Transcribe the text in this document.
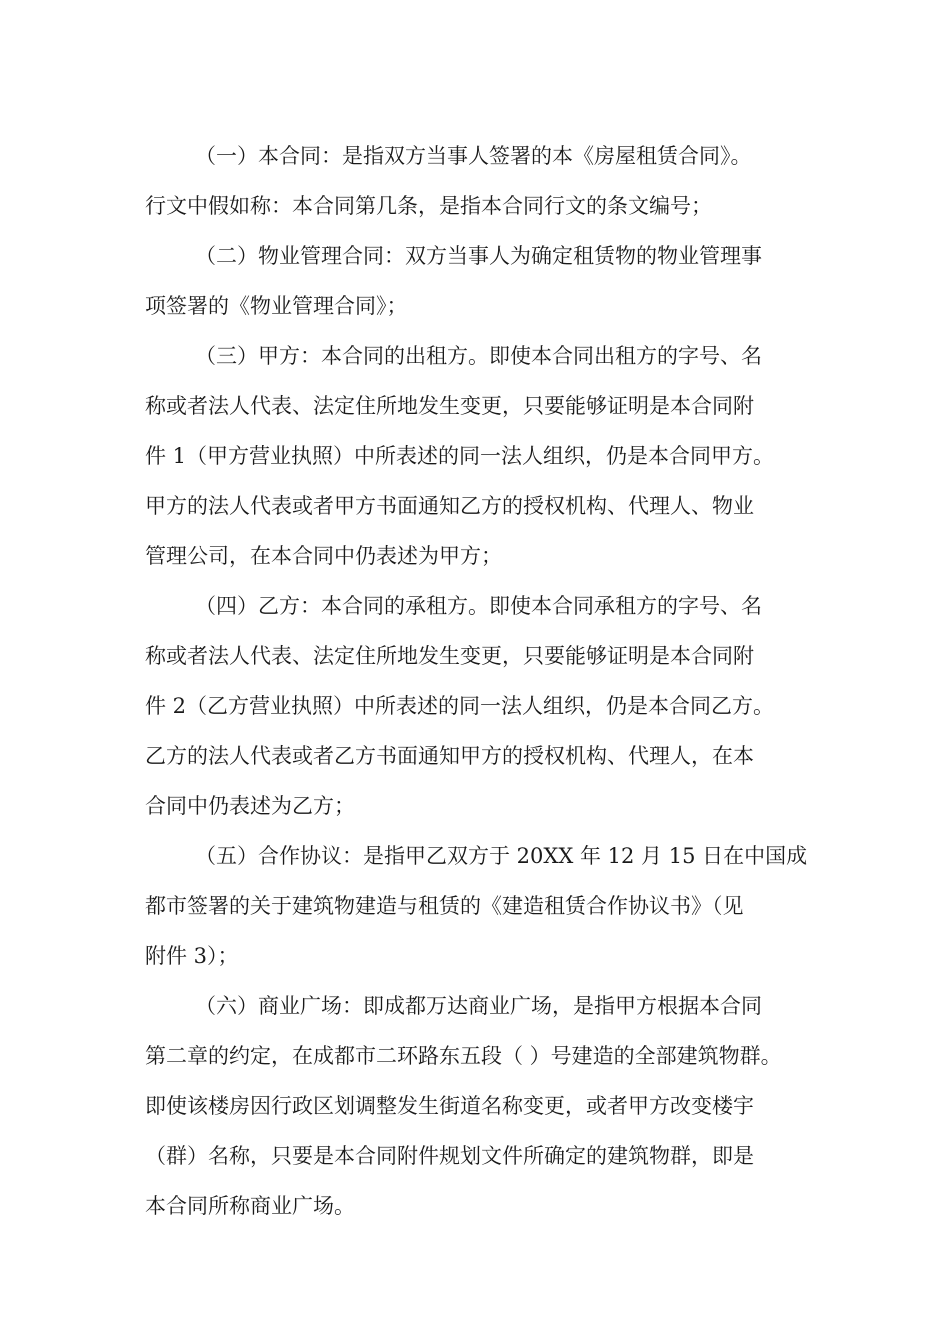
（一）本合同：是指双方当事人签署的本《房屋租赁合同》。
行文中假如称：本合同第几条，是指本合同行文的条文编号；
（二）物业管理合同：双方当事人为确定租赁物的物业管理事
项签署的《物业管理合同》；
（三）甲方：本合同的出租方。即使本合同出租方的字号、名
称或者法人代表、法定住所地发生变更，只要能够证明是本合同附
件 1（甲方营业执照）中所表述的同一法人组织，仍是本合同甲方。
甲方的法人代表或者甲方书面通知乙方的授权机构、代理人、物业
管理公司，在本合同中仍表述为甲方；
（四）乙方：本合同的承租方。即使本合同承租方的字号、名
称或者法人代表、法定住所地发生变更，只要能够证明是本合同附
件 2（乙方营业执照）中所表述的同一法人组织，仍是本合同乙方。
乙方的法人代表或者乙方书面通知甲方的授权机构、代理人，在本
合同中仍表述为乙方；
（五）合作协议：是指甲乙双方于 20XX 年 12 月 15 日在中国成
都市签署的关于建筑物建造与租赁的《建造租赁合作协议书》（见
附件 3）；
（六）商业广场：即成都万达商业广场，是指甲方根据本合同
第二章的约定，在成都市二环路东五段（ ）号建造的全部建筑物群。
即使该楼房因行政区划调整发生街道名称变更，或者甲方改变楼宇
（群）名称，只要是本合同附件规划文件所确定的建筑物群，即是
本合同所称商业广场。
